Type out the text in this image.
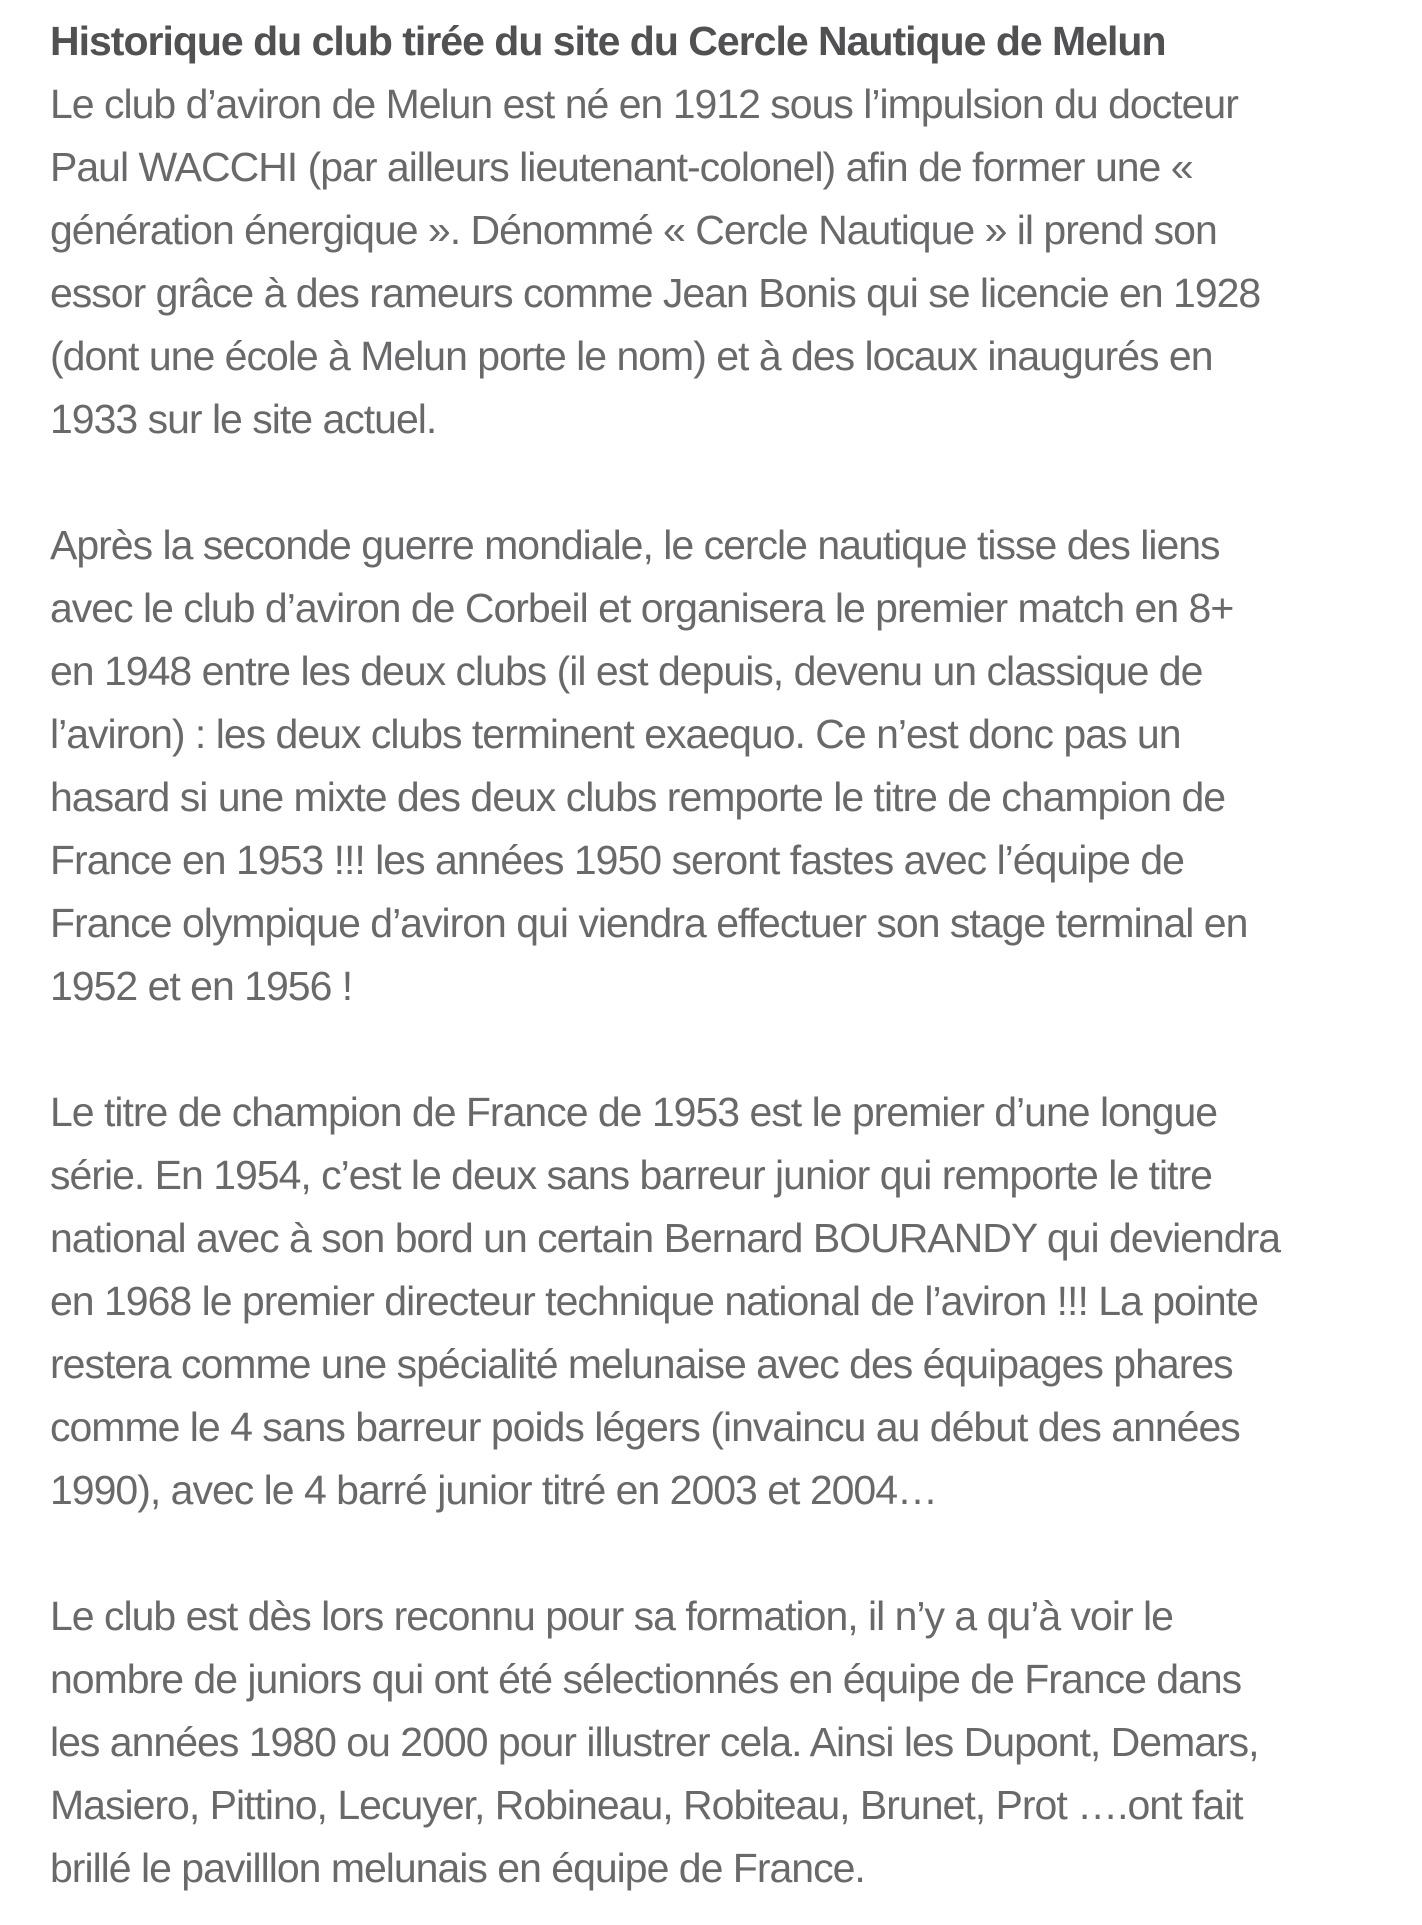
Historique du club tirée du site du Cercle Nautique de Melun

Le club d’aviron de Melun est né en 1912 sous l’impulsion du docteur
Paul WACCHI (par ailleurs lieutenant-colonel) afin de former une «
génération énergique ». Dénommé « Cercle Nautique » il prend son
essor grâce à des rameurs comme Jean Bonis qui se licencie en 1928
(dont une école à Melun porte le nom) et à des locaux inaugurés en
1933 sur le site actuel.

Après la seconde guerre mondiale, le cercle nautique tisse des liens
avec le club d’aviron de Corbeil et organisera le premier match en 8+
en 1948 entre les deux clubs (il est depuis, devenu un classique de
l’aviron) : les deux clubs terminent exaequo. Ce n’est donc pas un
hasard si une mixte des deux clubs remporte le titre de champion de
France en 1953 !!! les années 1950 seront fastes avec l’équipe de
France olympique d’aviron qui viendra effectuer son stage terminal en
1952 et en 1956 !

Le titre de champion de France de 1953 est le premier d’une longue
série. En 1954, c’est le deux sans barreur junior qui remporte le titre
national avec à son bord un certain Bernard BOURANDY qui deviendra
en 1968 le premier directeur technique national de l’aviron !!! La pointe
restera comme une spécialité melunaise avec des équipages phares
comme le 4 sans barreur poids légers (invaincu au début des années
1990), avec le 4 barré junior titré en 2003 et 2004…

Le club est dès lors reconnu pour sa formation, il n’y a qu’à voir le
nombre de juniors qui ont été sélectionnés en équipe de France dans
les années 1980 ou 2000 pour illustrer cela. Ainsi les Dupont, Demars,
Masiero, Pittino, Lecuyer, Robineau, Robiteau, Brunet, Prot ….ont fait
brillé le pavilllon melunais en équipe de France.
